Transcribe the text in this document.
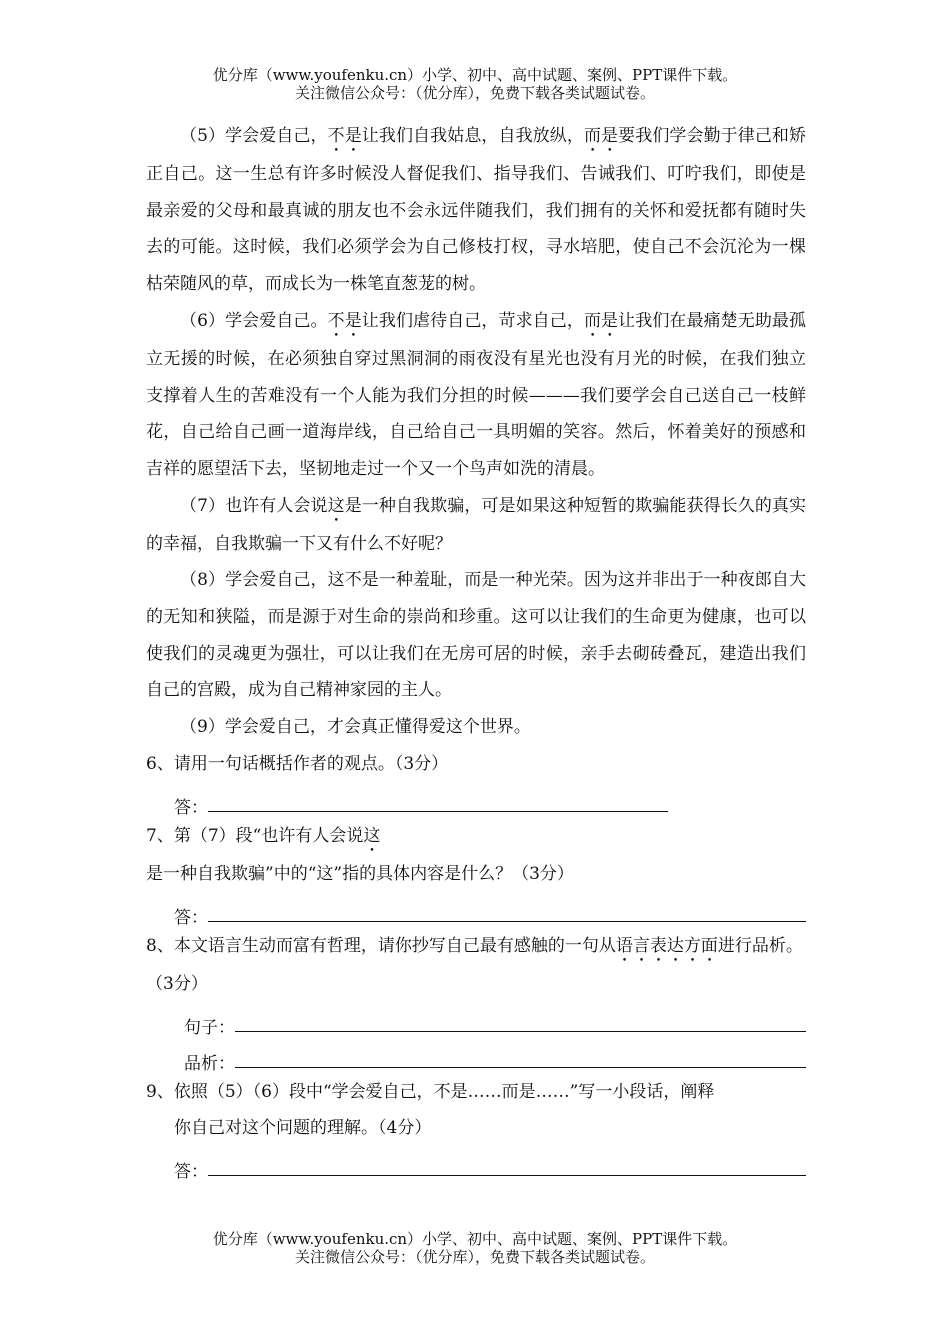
优分库（www.youfenku.cn）小学、初中、高中试题、案例、PPT课件下载。
关注微信公众号：（优分库），免费下载各类试题试卷。

（5）学会爱自己，不是让我们自我姑息，自我放纵，而是要我们学会勤于律己和矫正自己。这一生总有许多时候没人督促我们、指导我们、告诫我们、叮咛我们，即使是最亲爱的父母和最真诚的朋友也不会永远伴随我们，我们拥有的关怀和爱抚都有随时失去的可能。这时候，我们必须学会为自己修枝打杈，寻水培肥，使自己不会沉沦为一棵枯荣随风的草，而成长为一株笔直葱茏的树。

（6）学会爱自己。不是让我们虐待自己，苛求自己，而是让我们在最痛楚无助最孤立无援的时候，在必须独自穿过黑洞洞的雨夜没有星光也没有月光的时候，在我们独立支撑着人生的苦难没有一个人能为我们分担的时候———我们要学会自己送自己一枝鲜花，自己给自己画一道海岸线，自己给自己一具明媚的笑容。然后，怀着美好的预感和吉祥的愿望活下去，坚韧地走过一个又一个鸟声如洗的清晨。

（7）也许有人会说这是一种自我欺骗，可是如果这种短暂的欺骗能获得长久的真实的幸福，自我欺骗一下又有什么不好呢？

（8）学会爱自己，这不是一种羞耻，而是一种光荣。因为这并非出于一种夜郎自大的无知和狭隘，而是源于对生命的崇尚和珍重。这可以让我们的生命更为健康，也可以使我们的灵魂更为强壮，可以让我们在无房可居的时候，亲手去砌砖叠瓦，建造出我们自己的宫殿，成为自己精神家园的主人。

（9）学会爱自己，才会真正懂得爱这个世界。

6、请用一句话概括作者的观点。（3分）

答：

7、第（7）段“也许有人会说这是一种自我欺骗”中的“这”指的具体内容是什么？（3分）

答：

8、本文语言生动而富有哲理，请你抄写自己最有感触的一句从语言表达方面进行品析。（3分）

句子：
品析：

9、依照（5）（6）段中“学会爱自己，不是……而是……”写一小段话，阐释

你自己对这个问题的理解。（4分）

答：
优分库（www.youfenku.cn）小学、初中、高中试题、案例、PPT课件下载。
关注微信公众号：（优分库），免费下载各类试题试卷。
